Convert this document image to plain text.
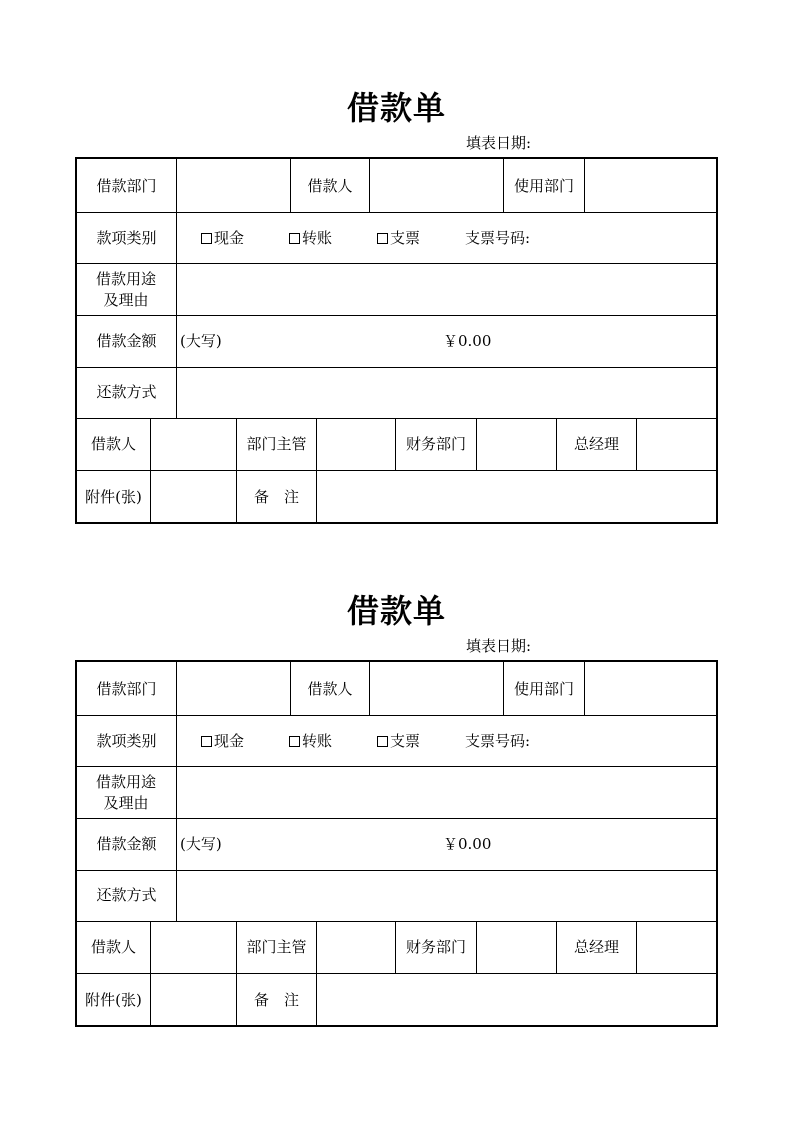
借款单
填表日期:
借款部门	借款人	使用部门
款项类别	现金	转账	支票	支票号码:
借款用途及理由
借款金额	(大写)	￥0.00
还款方式
借款人	部门主管	财务部门	总经理
附件(张)	备　注
借款单
填表日期:
借款部门	借款人	使用部门
款项类别	现金	转账	支票	支票号码:
借款用途及理由
借款金额	(大写)	￥0.00
还款方式
借款人	部门主管	财务部门	总经理
附件(张)	备　注
